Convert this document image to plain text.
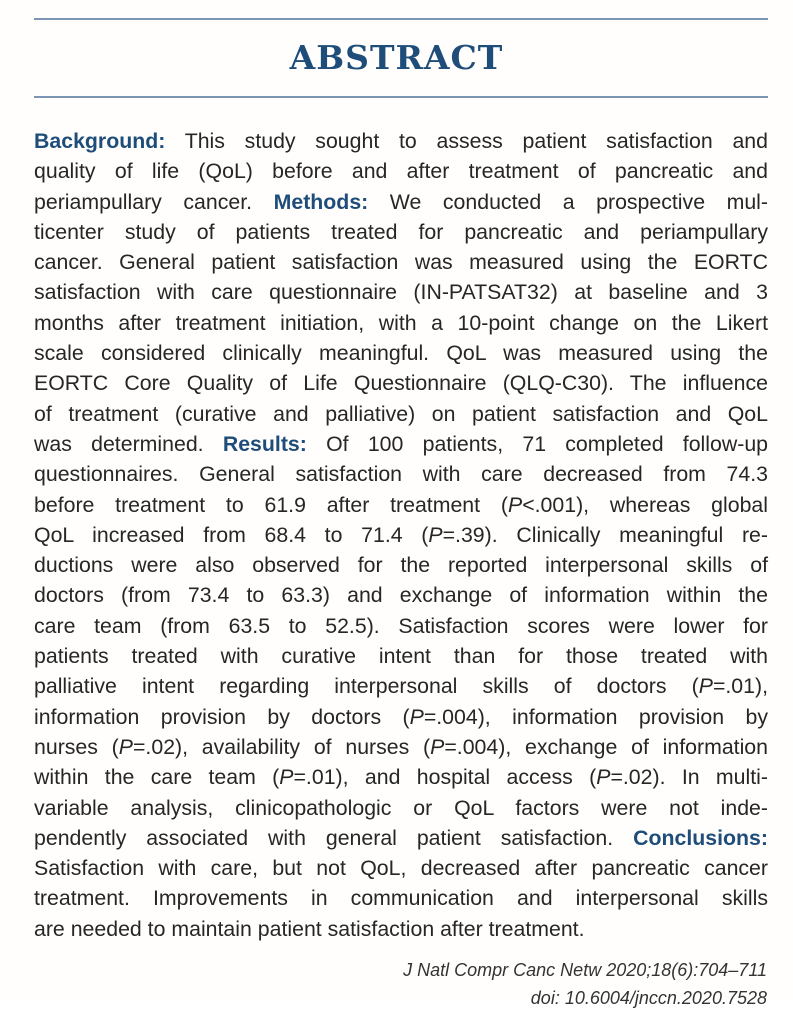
ABSTRACT
Background: This study sought to assess patient satisfaction and
quality of life (QoL) before and after treatment of pancreatic and
periampullary cancer. Methods: We conducted a prospective mul-
ticenter study of patients treated for pancreatic and periampullary
cancer. General patient satisfaction was measured using the EORTC
satisfaction with care questionnaire (IN-PATSAT32) at baseline and 3
months after treatment initiation, with a 10-point change on the Likert
scale considered clinically meaningful. QoL was measured using the
EORTC Core Quality of Life Questionnaire (QLQ-C30). The influence
of treatment (curative and palliative) on patient satisfaction and QoL
was determined. Results: Of 100 patients, 71 completed follow-up
questionnaires. General satisfaction with care decreased from 74.3
before treatment to 61.9 after treatment (P<.001), whereas global
QoL increased from 68.4 to 71.4 (P=.39). Clinically meaningful re-
ductions were also observed for the reported interpersonal skills of
doctors (from 73.4 to 63.3) and exchange of information within the
care team (from 63.5 to 52.5). Satisfaction scores were lower for
patients treated with curative intent than for those treated with
palliative intent regarding interpersonal skills of doctors (P=.01),
information provision by doctors (P=.004), information provision by
nurses (P=.02), availability of nurses (P=.004), exchange of information
within the care team (P=.01), and hospital access (P=.02). In multi-
variable analysis, clinicopathologic or QoL factors were not inde-
pendently associated with general patient satisfaction. Conclusions:
Satisfaction with care, but not QoL, decreased after pancreatic cancer
treatment. Improvements in communication and interpersonal skills
are needed to maintain patient satisfaction after treatment.
J Natl Compr Canc Netw 2020;18(6):704–711
doi: 10.6004/jnccn.2020.7528
